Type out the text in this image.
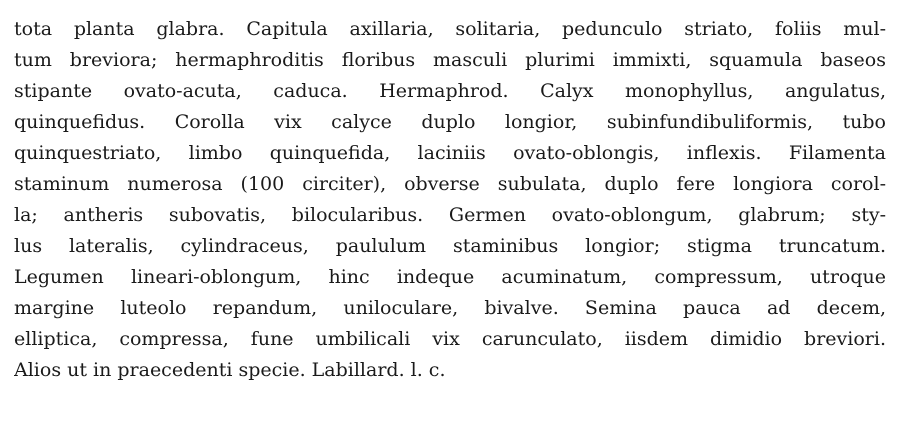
tota planta glabra. Capitula axillaria, solitaria, pedunculo striato, foliis mul-
tum breviora; hermaphroditis floribus masculi plurimi immixti, squamula baseos
stipante ovato-acuta, caduca. Hermaphrod. Calyx monophyllus, angulatus,
quinquefidus. Corolla vix calyce duplo longior, subinfundibuliformis, tubo
quinquestriato, limbo quinquefida, laciniis ovato-oblongis, inflexis. Filamenta
staminum numerosa (100 circiter), obverse subulata, duplo fere longiora corol-
la; antheris subovatis, bilocularibus. Germen ovato-oblongum, glabrum; sty-
lus lateralis, cylindraceus, paululum staminibus longior; stigma truncatum.
Legumen lineari-oblongum, hinc indeque acuminatum, compressum, utroque
margine luteolo repandum, uniloculare, bivalve. Semina pauca ad decem,
elliptica, compressa, fune umbilicali vix carunculato, iisdem dimidio breviori.
Alios ut in praecedenti specie. Labillard. l. c.
